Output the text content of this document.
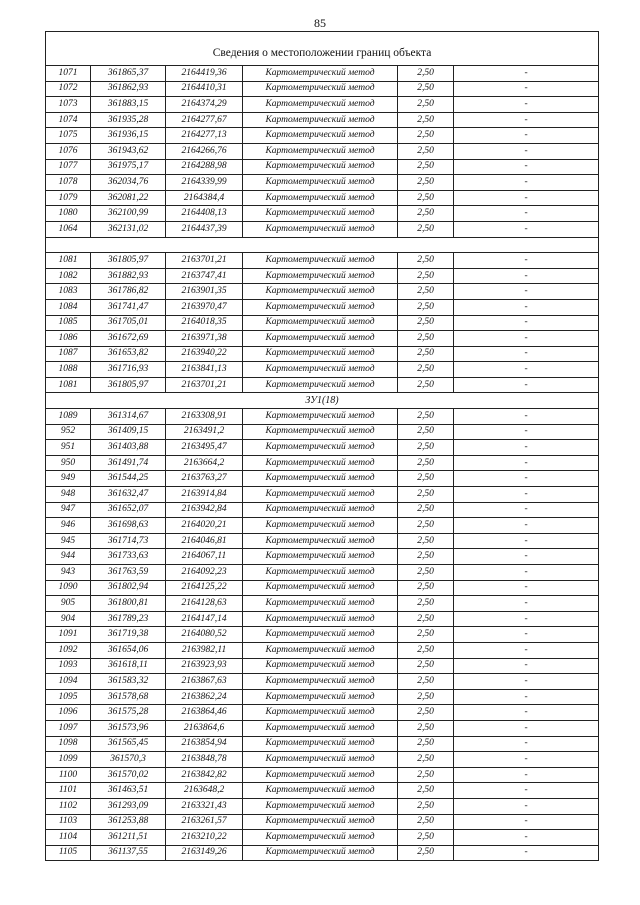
85
Сведения о местоположении границ объекта					
1071	361865,37	2164419,36	Картометрический метод	2,50	-
1072	361862,93	2164410,31	Картометрический метод	2,50	-
1073	361883,15	2164374,29	Картометрический метод	2,50	-
1074	361935,28	2164277,67	Картометрический метод	2,50	-
1075	361936,15	2164277,13	Картометрический метод	2,50	-
1076	361943,62	2164266,76	Картометрический метод	2,50	-
1077	361975,17	2164288,98	Картометрический метод	2,50	-
1078	362034,76	2164339,99	Картометрический метод	2,50	-
1079	362081,22	2164384,4	Картометрический метод	2,50	-
1080	362100,99	2164408,13	Картометрический метод	2,50	-
1064	362131,02	2164437,39	Картометрический метод	2,50	-

1081	361805,97	2163701,21	Картометрический метод	2,50	-
1082	361882,93	2163747,41	Картометрический метод	2,50	-
1083	361786,82	2163901,35	Картометрический метод	2,50	-
1084	361741,47	2163970,47	Картометрический метод	2,50	-
1085	361705,01	2164018,35	Картометрический метод	2,50	-
1086	361672,69	2163971,38	Картометрический метод	2,50	-
1087	361653,82	2163940,22	Картометрический метод	2,50	-
1088	361716,93	2163841,13	Картометрический метод	2,50	-
1081	361805,97	2163701,21	Картометрический метод	2,50	-
ЗУ1(18)					
1089	361314,67	2163308,91	Картометрический метод	2,50	-
952	361409,15	2163491,2	Картометрический метод	2,50	-
951	361403,88	2163495,47	Картометрический метод	2,50	-
950	361491,74	2163664,2	Картометрический метод	2,50	-
949	361544,25	2163763,27	Картометрический метод	2,50	-
948	361632,47	2163914,84	Картометрический метод	2,50	-
947	361652,07	2163942,84	Картометрический метод	2,50	-
946	361698,63	2164020,21	Картометрический метод	2,50	-
945	361714,73	2164046,81	Картометрический метод	2,50	-
944	361733,63	2164067,11	Картометрический метод	2,50	-
943	361763,59	2164092,23	Картометрический метод	2,50	-
1090	361802,94	2164125,22	Картометрический метод	2,50	-
905	361800,81	2164128,63	Картометрический метод	2,50	-
904	361789,23	2164147,14	Картометрический метод	2,50	-
1091	361719,38	2164080,52	Картометрический метод	2,50	-
1092	361654,06	2163982,11	Картометрический метод	2,50	-
1093	361618,11	2163923,93	Картометрический метод	2,50	-
1094	361583,32	2163867,63	Картометрический метод	2,50	-
1095	361578,68	2163862,24	Картометрический метод	2,50	-
1096	361575,28	2163864,46	Картометрический метод	2,50	-
1097	361573,96	2163864,6	Картометрический метод	2,50	-
1098	361565,45	2163854,94	Картометрический метод	2,50	-
1099	361570,3	2163848,78	Картометрический метод	2,50	-
1100	361570,02	2163842,82	Картометрический метод	2,50	-
1101	361463,51	2163648,2	Картометрический метод	2,50	-
1102	361293,09	2163321,43	Картометрический метод	2,50	-
1103	361253,88	2163261,57	Картометрический метод	2,50	-
1104	361211,51	2163210,22	Картометрический метод	2,50	-
1105	361137,55	2163149,26	Картометрический метод	2,50	-
